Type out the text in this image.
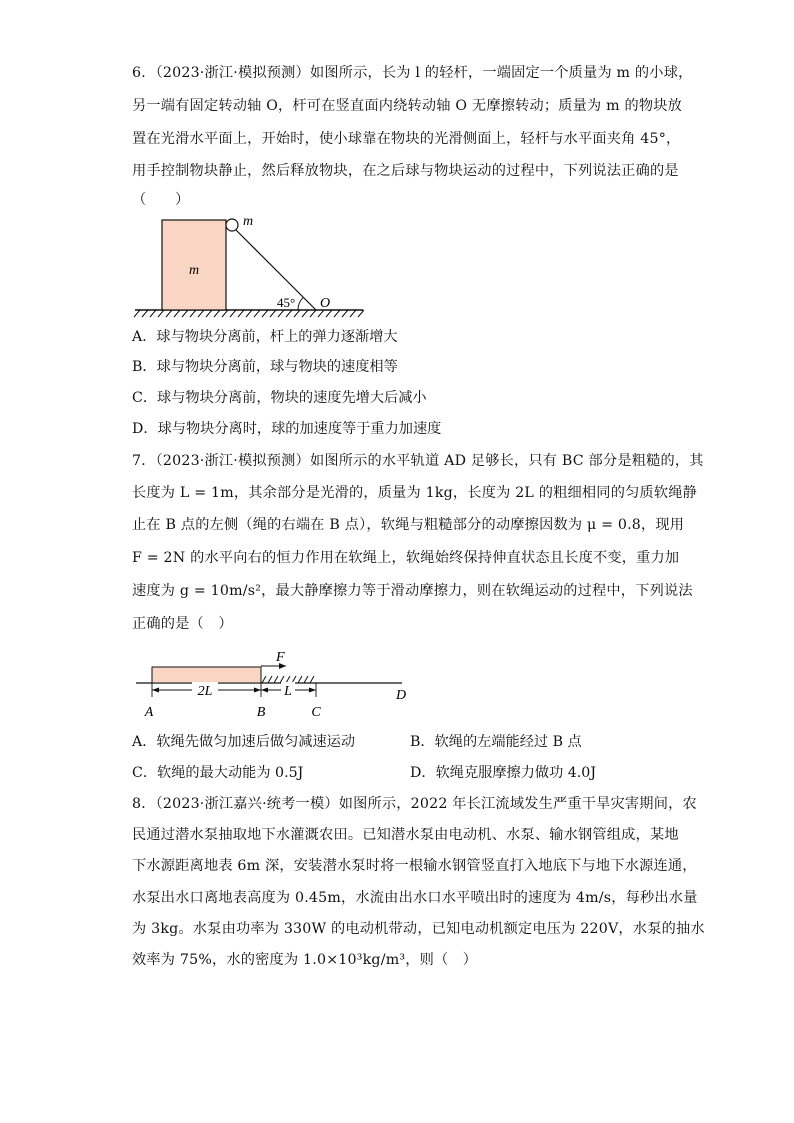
6．（2023·浙江·模拟预测）如图所示，长为 l 的轻杆，一端固定一个质量为 m 的小球，
另一端有固定转动轴 O，杆可在竖直面内绕转动轴 O 无摩擦转动；质量为 m 的物块放
置在光滑水平面上，开始时，使小球靠在物块的光滑侧面上，轻杆与水平面夹角 45°，
用手控制物块静止，然后释放物块，在之后球与物块运动的过程中，下列说法正确的是
（　　）
m
m
45° O
A．球与物块分离前，杆上的弹力逐渐增大
B．球与物块分离前，球与物块的速度相等
C．球与物块分离前，物块的速度先增大后减小
D．球与物块分离时，球的加速度等于重力加速度
7．（2023·浙江·模拟预测）如图所示的水平轨道 AD 足够长，只有 BC 部分是粗糙的，其
长度为 L = 1m，其余部分是光滑的，质量为 1kg，长度为 2L 的粗细相同的匀质软绳静
止在 B 点的左侧（绳的右端在 B 点），软绳与粗糙部分的动摩擦因数为 μ = 0.8，现用
F = 2N 的水平向右的恒力作用在软绳上，软绳始终保持伸直状态且长度不变，重力加
速度为 g = 10m/s²，最大静摩擦力等于滑动摩擦力，则在软绳运动的过程中，下列说法
正确的是（　）
F
2L	L
A	B	C
D
A．软绳先做匀加速后做匀减速运动	B．软绳的左端能经过 B 点
C．软绳的最大动能为 0.5J	D．软绳克服摩擦力做功 4.0J
8．（2023·浙江嘉兴·统考一模）如图所示，2022 年长江流域发生严重干旱灾害期间，农
民通过潜水泵抽取地下水灌溉农田。已知潜水泵由电动机、水泵、输水钢管组成，某地
下水源距离地表 6m 深，安装潜水泵时将一根输水钢管竖直打入地底下与地下水源连通，
水泵出水口离地表高度为 0.45m，水流由出水口水平喷出时的速度为 4m/s，每秒出水量
为 3kg。水泵由功率为 330W 的电动机带动，已知电动机额定电压为 220V，水泵的抽水
效率为 75%，水的密度为 1.0×10³kg/m³，则（　）
